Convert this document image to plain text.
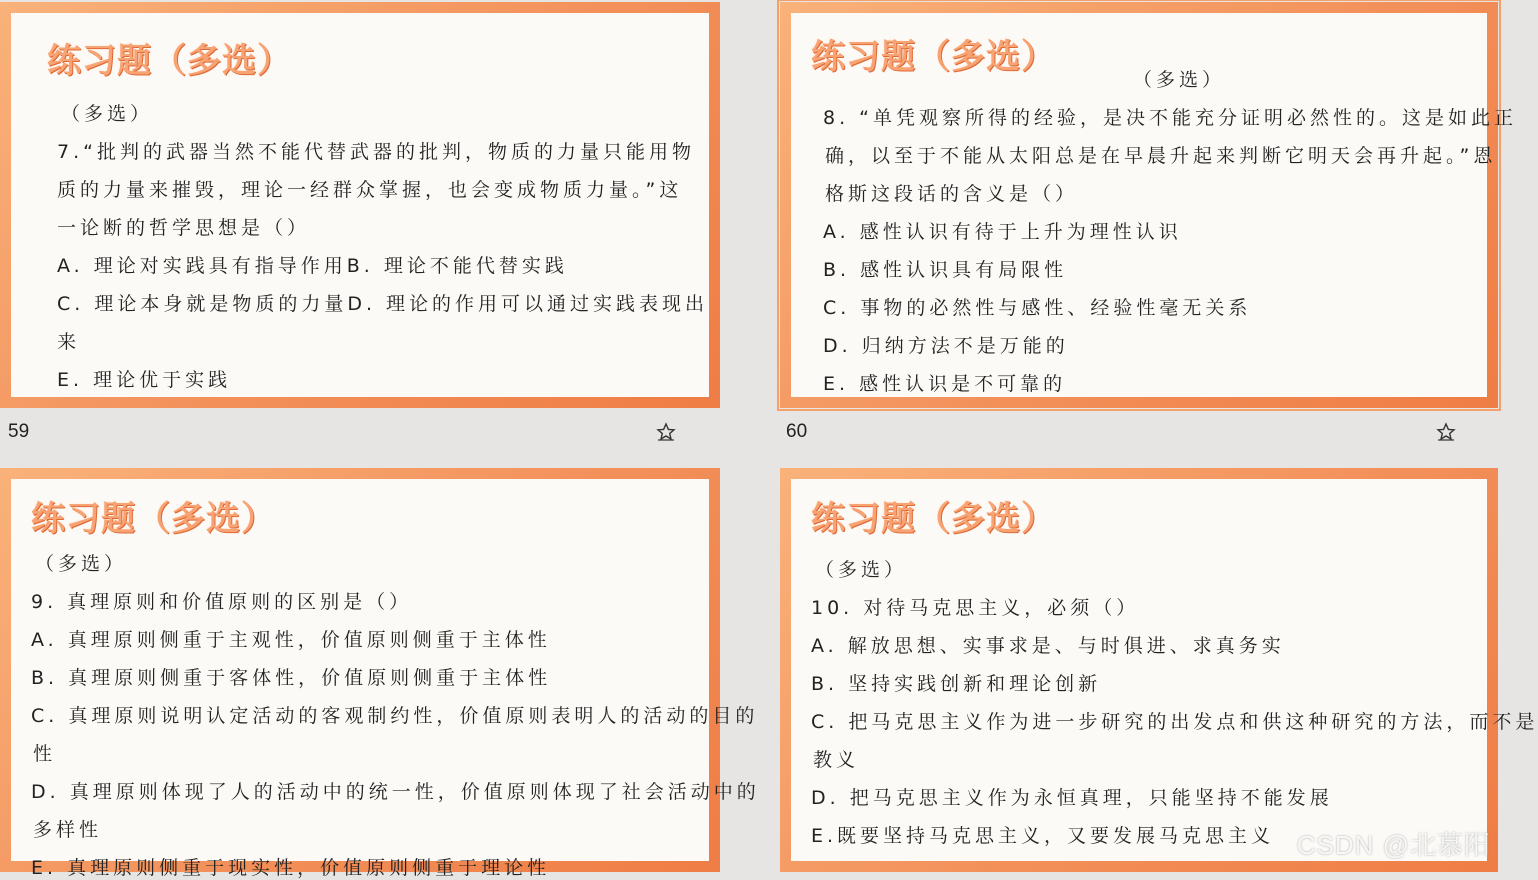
练习题（多选）
（多选）
7.“批判的武器当然不能代替武器的批判，物质的力量只能用物
质的力量来摧毁，理论一经群众掌握，也会变成物质力量。”这
一论断的哲学思想是（）
A. 理论对实践具有指导作用B. 理论不能代替实践
C. 理论本身就是物质的力量D. 理论的作用可以通过实践表现出
来
E. 理论优于实践
59
练习题（多选）
（多选）
8. “单凭观察所得的经验，是决不能充分证明必然性的。这是如此正
确，以至于不能从太阳总是在早晨升起来判断它明天会再升起。”恩
格斯这段话的含义是（）
A. 感性认识有待于上升为理性认识
B. 感性认识具有局限性
C. 事物的必然性与感性、经验性毫无关系
D. 归纳方法不是万能的
E. 感性认识是不可靠的
60
练习题（多选）
（多选）
9. 真理原则和价值原则的区别是（）
A. 真理原则侧重于主观性，价值原则侧重于主体性
B. 真理原则侧重于客体性，价值原则侧重于主体性
C. 真理原则说明认定活动的客观制约性，价值原则表明人的活动的目的
性
D. 真理原则体现了人的活动中的统一性，价值原则体现了社会活动中的
多样性
E. 真理原则侧重于现实性，价值原则侧重于理论性
练习题（多选）
（多选）
10. 对待马克思主义，必须（）
A. 解放思想、实事求是、与时俱进、求真务实
B. 坚持实践创新和理论创新
C. 把马克思主义作为进一步研究的出发点和供这种研究的方法，而不是
教义
D. 把马克思主义作为永恒真理，只能坚持不能发展
E.既要坚持马克思主义，又要发展马克思主义 CSDN @北慕阳
